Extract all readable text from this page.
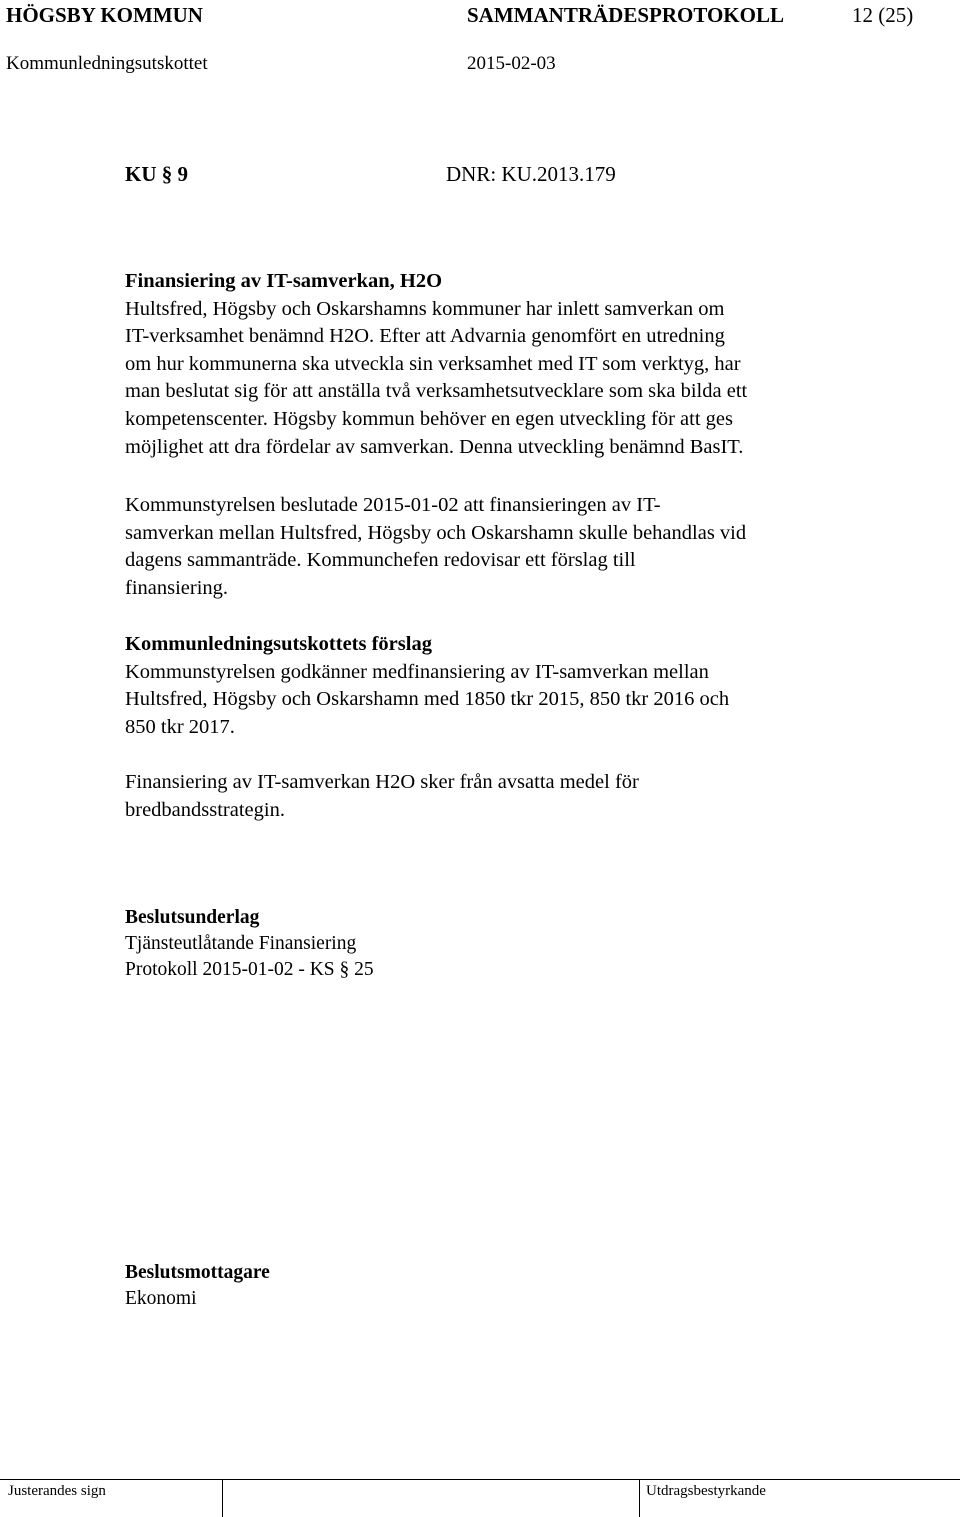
HÖGSBY KOMMUN	SAMMANTRÄDESPROTOKOLL	12 (25)
Kommunledningsutskottet	2015-02-03
KU § 9	DNR: KU.2013.179
Finansiering av IT-samverkan, H2O
Hultsfred, Högsby och Oskarshamns kommuner har inlett samverkan om
IT-verksamhet benämnd H2O. Efter att Advarnia genomfört en utredning
om hur kommunerna ska utveckla sin verksamhet med IT som verktyg, har
man beslutat sig för att anställa två verksamhetsutvecklare som ska bilda ett
kompetenscenter. Högsby kommun behöver en egen utveckling för att ges
möjlighet att dra fördelar av samverkan. Denna utveckling benämnd BasIT.
Kommunstyrelsen beslutade 2015-01-02 att finansieringen av IT-
samverkan mellan Hultsfred, Högsby och Oskarshamn skulle behandlas vid
dagens sammanträde. Kommunchefen redovisar ett förslag till
finansiering.
Kommunledningsutskottets förslag
Kommunstyrelsen godkänner medfinansiering av IT-samverkan mellan
Hultsfred, Högsby och Oskarshamn med 1850 tkr 2015, 850 tkr 2016 och
850 tkr 2017.
Finansiering av IT-samverkan H2O sker från avsatta medel för
bredbandsstrategin.
Beslutsunderlag
Tjänsteutlåtande Finansiering
Protokoll 2015-01-02 - KS § 25
Beslutsmottagare
Ekonomi
Justerandes sign	Utdragsbestyrkande
